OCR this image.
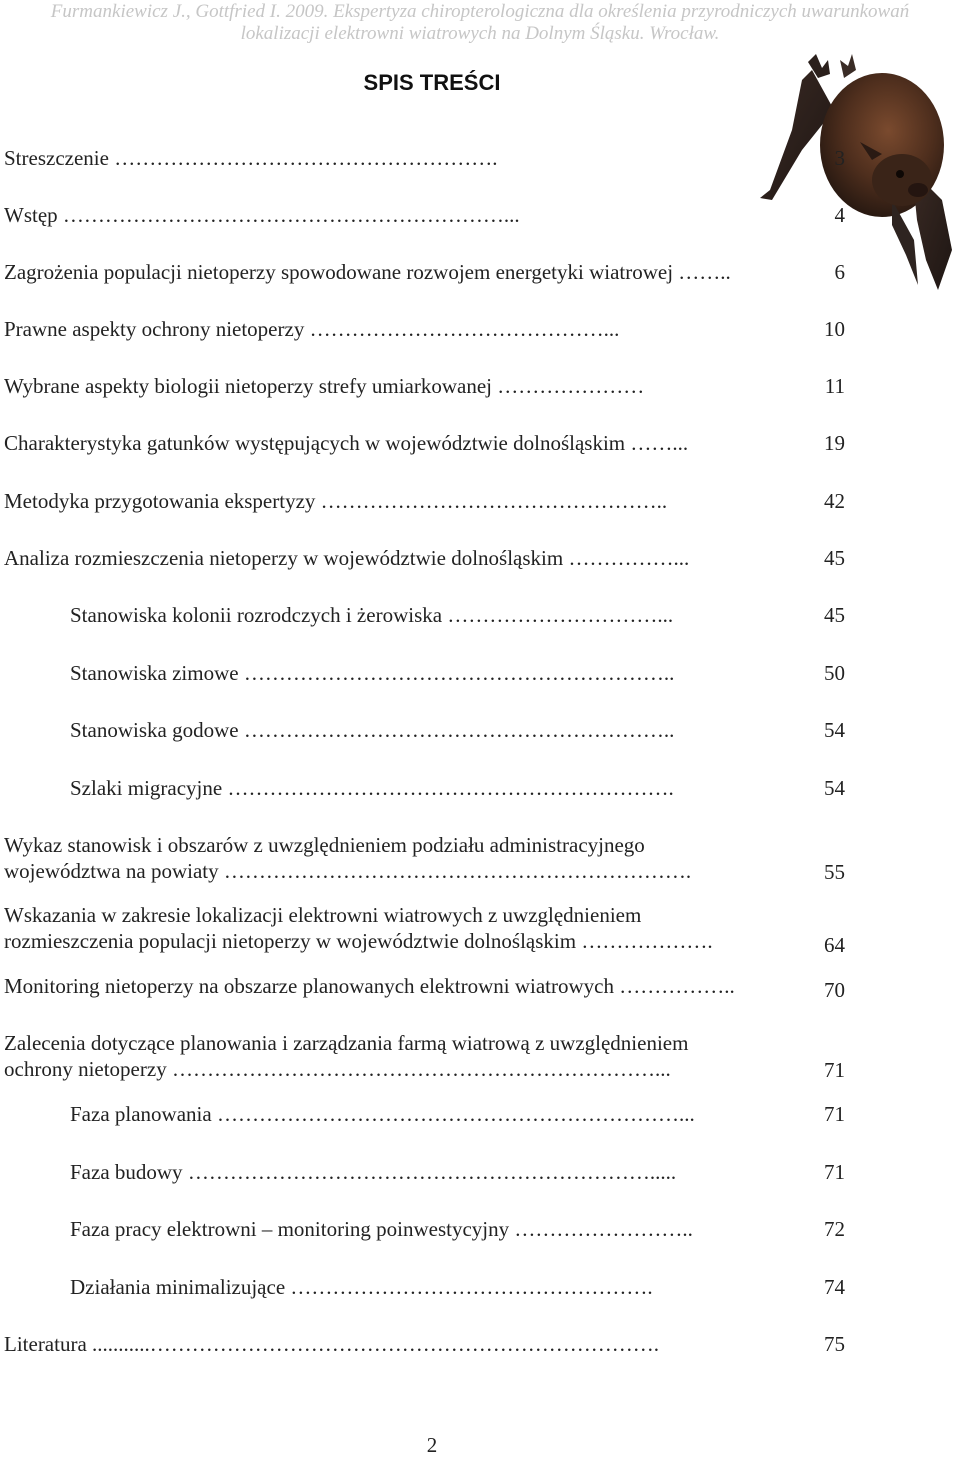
Furmankiewicz J., Gottfried I. 2009. Ekspertyza chiropterologiczna dla określenia przyrodniczych uwarunkowań
lokalizacji elektrowni wiatrowych na Dolnym Śląsku. Wrocław.
SPIS TREŚCI
Streszczenie ……………………………………………….	3
Wstęp ………………………………………………………...	4
Zagrożenia populacji nietoperzy spowodowane rozwojem energetyki wiatrowej ……..	6
Prawne aspekty ochrony nietoperzy ……………………………………...	10
Wybrane aspekty biologii nietoperzy strefy umiarkowanej …………………	11
Charakterystyka gatunków występujących w województwie dolnośląskim ……...	19
Metodyka przygotowania ekspertyzy …………………………………………..	42
Analiza rozmieszczenia nietoperzy w województwie dolnośląskim ……………...	45
Stanowiska kolonii rozrodczych i żerowiska …………………………...	45
Stanowiska zimowe ……………………………………………………..	50
Stanowiska godowe ……………………………………………………..	54
Szlaki migracyjne ……………………………………………………….	54
Wykaz stanowisk i obszarów z uwzględnieniem podziału administracyjnego
województwa na powiaty ………………………………………………………….	55
Wskazania w zakresie lokalizacji elektrowni wiatrowych z uwzględnieniem
rozmieszczenia populacji nietoperzy w województwie dolnośląskim ……………….	64
Monitoring nietoperzy na obszarze planowanych elektrowni wiatrowych ……………..	70
Zalecenia dotyczące planowania i zarządzania farmą wiatrową z uwzględnieniem
ochrony nietoperzy ……………………………………………………………...	71
Faza planowania …………………………………………………………...	71
Faza budowy ………………………………………………………….....	71
Faza pracy elektrowni – monitoring poinwestycyjny ……………………..	72
Działania minimalizujące …………………………………………….	74
Literatura ...........……………………………………………………………….	75
2
